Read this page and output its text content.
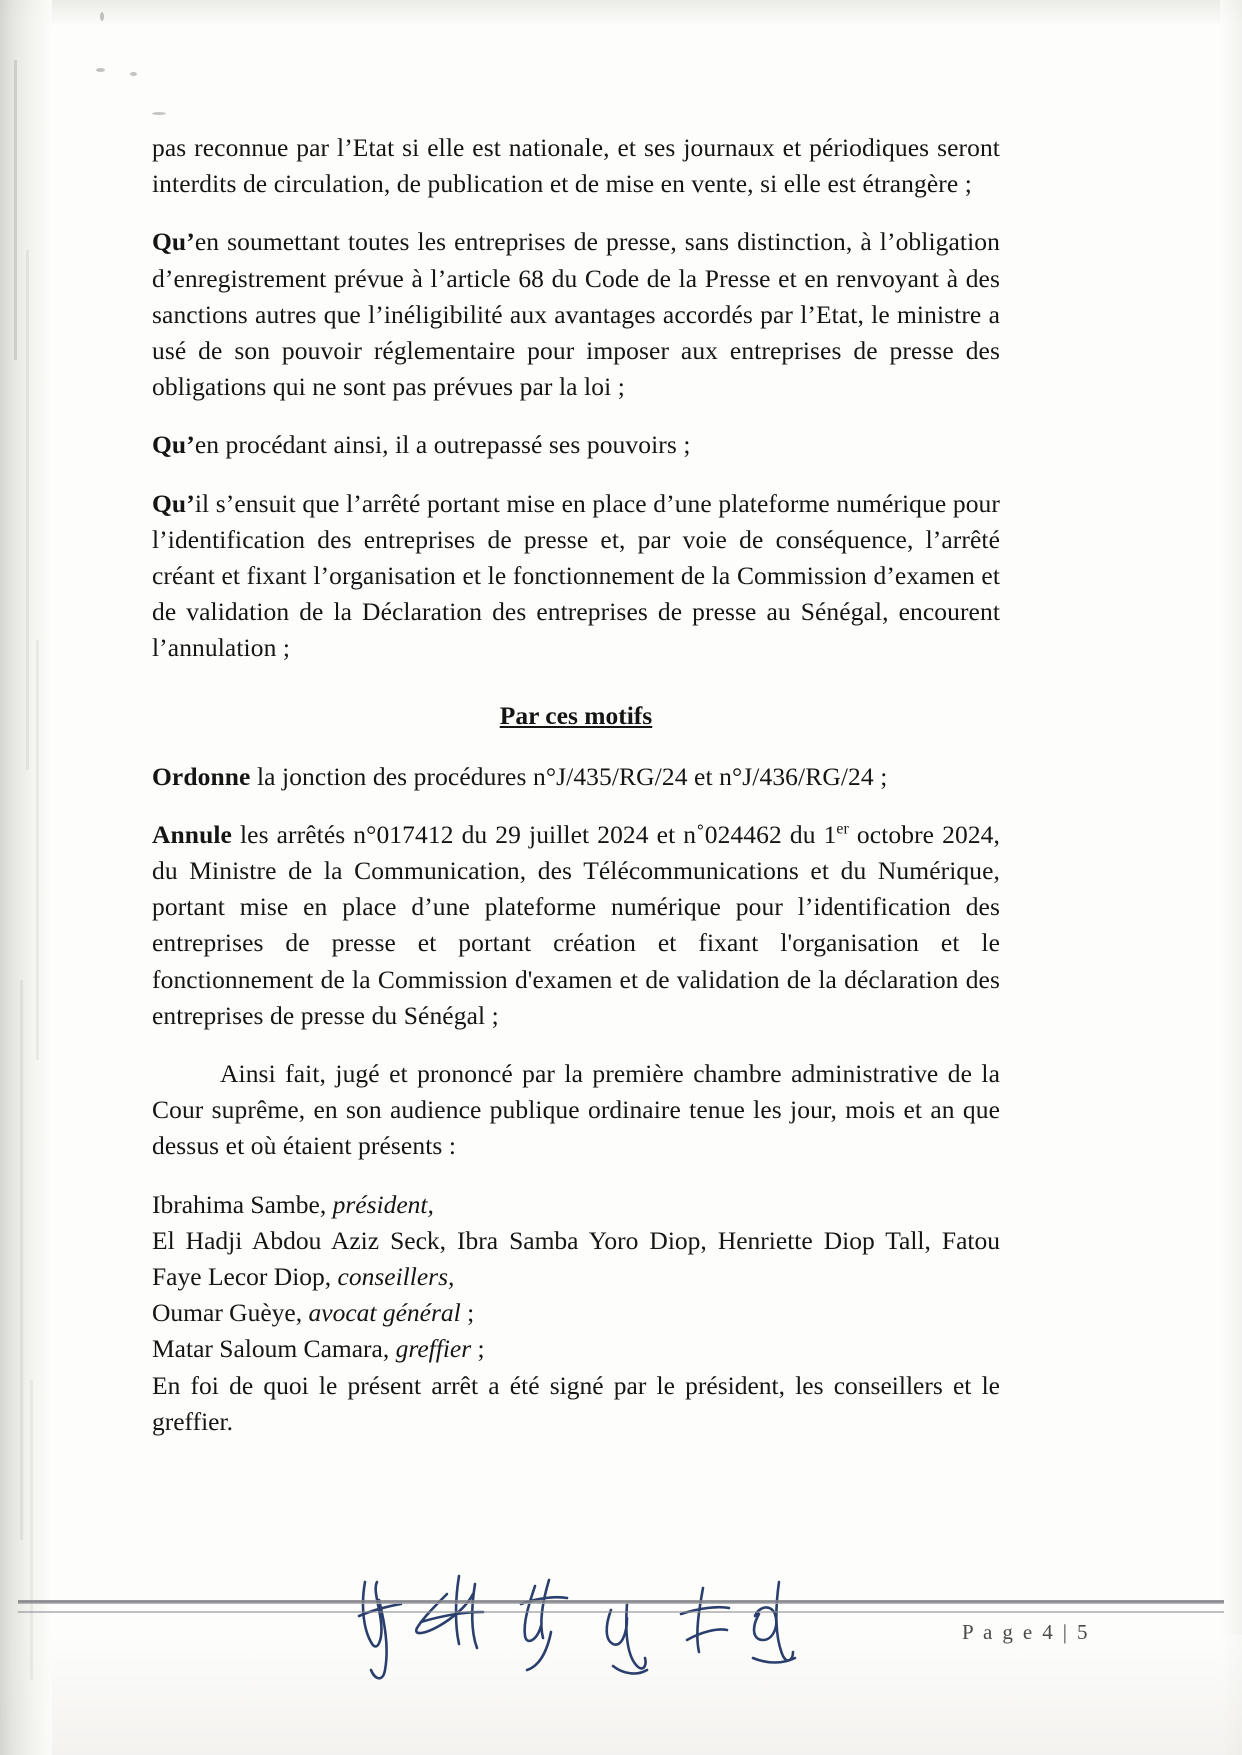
pas reconnue par l’Etat si elle est nationale, et ses journaux et périodiques seront interdits de circulation, de publication et de mise en vente, si elle est étrangère ;

Qu’en soumettant toutes les entreprises de presse, sans distinction, à l’obligation d’enregistrement prévue à l’article 68 du Code de la Presse et en renvoyant à des sanctions autres que l’inéligibilité aux avantages accordés par l’Etat, le ministre a usé de son pouvoir réglementaire pour imposer aux entreprises de presse des obligations qui ne sont pas prévues par la loi ;

Qu’en procédant ainsi, il a outrepassé ses pouvoirs ;

Qu’il s’ensuit que l’arrêté portant mise en place d’une plateforme numérique pour l’identification des entreprises de presse et, par voie de conséquence, l’arrêté créant et fixant l’organisation et le fonctionnement de la Commission d’examen et de validation de la Déclaration des entreprises de presse au Sénégal, encourent l’annulation ;

Par ces motifs

Ordonne la jonction des procédures n°J/435/RG/24 et n°J/436/RG/24 ;

Annule les arrêtés n°017412 du 29 juillet 2024 et n˚024462 du 1er octobre 2024, du Ministre de la Communication, des Télécommunications et du Numérique, portant mise en place d’une plateforme numérique pour l’identification des entreprises de presse et portant création et fixant l'organisation et le fonctionnement de la Commission d'examen et de validation de la déclaration des entreprises de presse du Sénégal ;

Ainsi fait, jugé et prononcé par la première chambre administrative de la Cour suprême, en son audience publique ordinaire tenue les jour, mois et an que dessus et où étaient présents :

Ibrahima Sambe, président,

El Hadji Abdou Aziz Seck, Ibra Samba Yoro Diop, Henriette Diop Tall, Fatou Faye Lecor Diop, conseillers,

Oumar Guèye, avocat général ;

Matar Saloum Camara, greffier ;

En foi de quoi le présent arrêt a été signé par le président, les conseillers et le greffier.

P a g e 4 | 5
